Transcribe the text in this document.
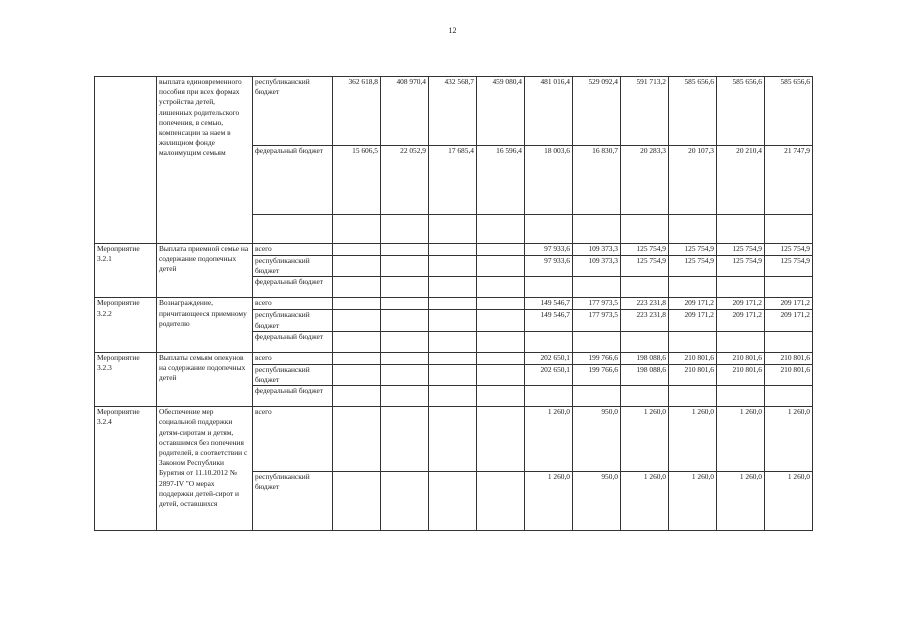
12
	выплата единовременного пособия при всех формах устройства детей, лишенных родительского попечения, в семью, компенсации за наем в жилищном фонде малоимущим семьям	республиканский бюджет	362 618,8	408 970,4	432 568,7	459 080,4	481 016,4	529 092,4	591 713,2	585 656,6	585 656,6	585 656,6
		федеральный бюджет	15 606,5	22 052,9	17 685,4	16 596,4	18 003,6	16 830,7	20 283,3	20 107,3	20 210,4	21 747,9

Мероприятие 3.2.1	Выплата приемной семье на содержание подопечных детей	всего					97 933,6	109 373,3	125 754,9	125 754,9	125 754,9	125 754,9
		республиканский бюджет					97 933,6	109 373,3	125 754,9	125 754,9	125 754,9	125 754,9
		федеральный бюджет										
Мероприятие 3.2.2	Вознаграждение, причитающееся приемному родителю	всего					149 546,7	177 973,5	223 231,8	209 171,2	209 171,2	209 171,2
		республиканский бюджет					149 546,7	177 973,5	223 231,8	209 171,2	209 171,2	209 171,2
		федеральный бюджет										
Мероприятие 3.2.3	Выплаты семьям опекунов на содержание подопечных детей	всего					202 650,1	199 766,6	198 088,6	210 801,6	210 801,6	210 801,6
		республиканский бюджет					202 650,1	199 766,6	198 088,6	210 801,6	210 801,6	210 801,6
		федеральный бюджет										
Мероприятие 3.2.4	Обеспечение мер социальной поддержки детям-сиротам и детям, оставшимся без попечения родителей, в соответствии с Законом Республики Бурятия от 11.10.2012 № 2897-IV "О мерах поддержки детей-сирот и детей, оставшихся	всего					1 260,0	950,0	1 260,0	1 260,0	1 260,0	1 260,0
		республиканский бюджет					1 260,0	950,0	1 260,0	1 260,0	1 260,0	1 260,0
